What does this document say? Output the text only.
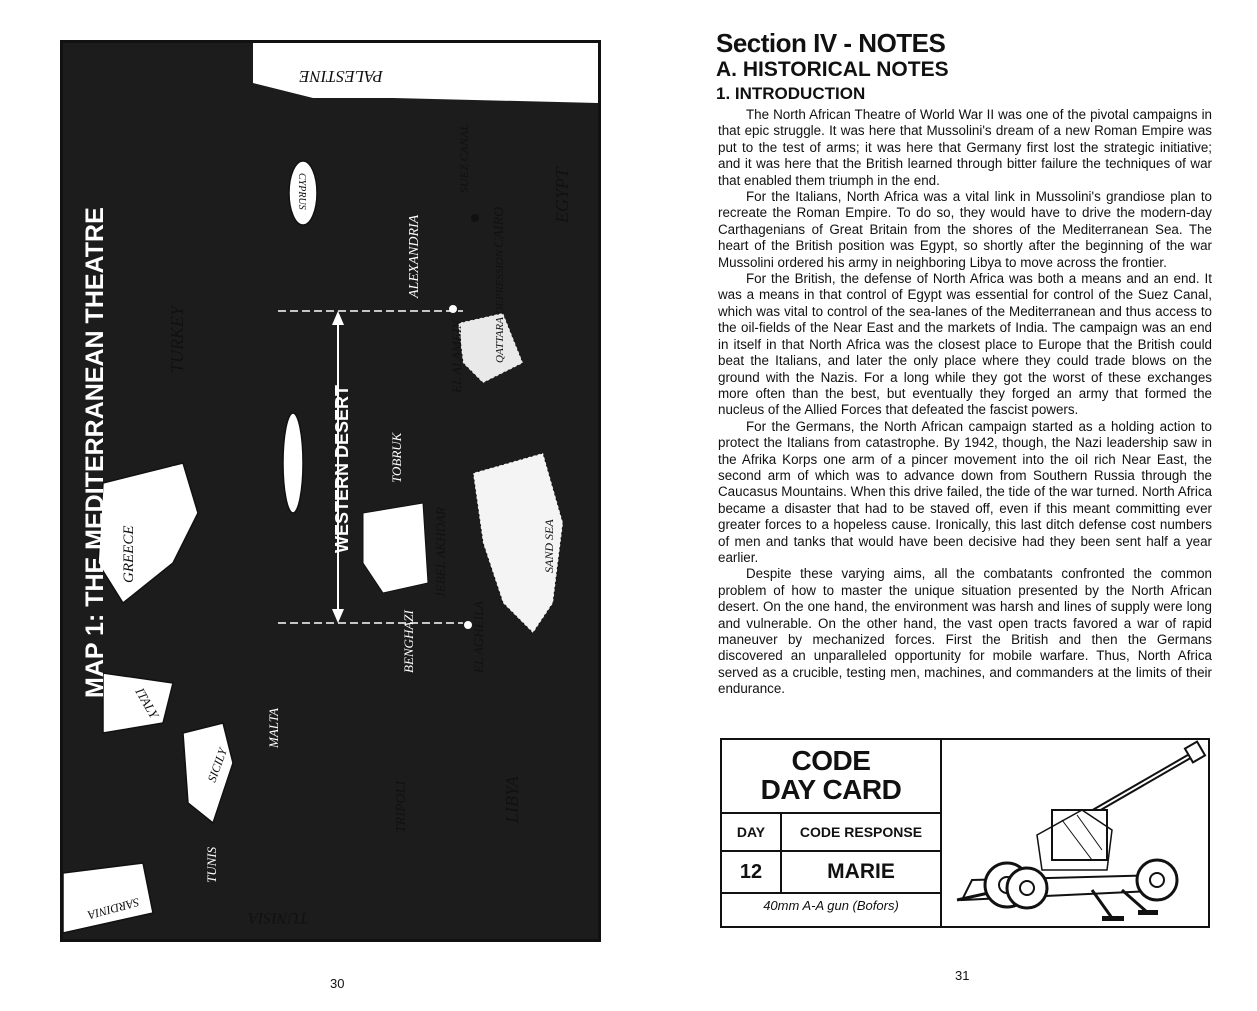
MAP 1: THE MEDITERRANEAN THEATRE	WESTERN DESERT
PALESTINE
SUEZ CANAL
EGYPT
CAIRO
CYPRUS
ALEXANDRIA	QATTARA DEPRESSION
EL ALAMEIN
TURKEY
ATHENS	CRETE	TOBRUK
JEBEL AKHDAR	SAND SEA
GREECE
BENGHAZI	EL AGHEILA
ITALY
MALTA
SICILY
TRIPOLI	LIBYA
TUNIS
SARDINIA	TUNISIA
30
Section IV - NOTES
A. HISTORICAL NOTES
1. INTRODUCTION

The North African Theatre of World War II was one of the pivotal campaigns in that epic struggle. It was here that Mussolini's dream of a new Roman Empire was put to the test of arms; it was here that Germany first lost the strategic initiative; and it was here that the British learned through bitter failure the techniques of war that enabled them triumph in the end.

For the Italians, North Africa was a vital link in Mussolini's grandiose plan to recreate the Roman Empire. To do so, they would have to drive the modern-day Carthagenians of Great Britain from the shores of the Mediterranean Sea. The heart of the British position was Egypt, so shortly after the beginning of the war Mussolini ordered his army in neighboring Libya to move across the frontier.

For the British, the defense of North Africa was both a means and an end. It was a means in that control of Egypt was essential for control of the Suez Canal, which was vital to control of the sea-lanes of the Mediterranean and thus access to the oil-fields of the Near East and the markets of India. The campaign was an end in itself in that North Africa was the closest place to Europe that the British could beat the Italians, and later the only place where they could trade blows on the ground with the Nazis. For a long while they got the worst of these exchanges more often than the best, but eventually they forged an army that formed the nucleus of the Allied Forces that defeated the fascist powers.

For the Germans, the North African campaign started as a holding action to protect the Italians from catastrophe. By 1942, though, the Nazi leadership saw in the Afrika Korps one arm of a pincer movement into the oil rich Near East, the second arm of which was to advance down from Southern Russia through the Caucasus Mountains. When this drive failed, the tide of the war turned. North Africa became a disaster that had to be staved off, even if this meant committing ever greater forces to a hopeless cause. Ironically, this last ditch defense cost numbers of men and tanks that would have been decisive had they been sent half a year earlier.

Despite these varying aims, all the combatants confronted the common problem of how to master the unique situation presented by the North African desert. On the one hand, the environment was harsh and lines of supply were long and vulnerable. On the other hand, the vast open tracts favored a war of rapid maneuver by mechanized forces. First the British and then the Germans discovered an unparalleled opportunity for mobile warfare. Thus, North Africa served as a crucible, testing men, machines, and commanders at the limits of their endurance.

CODE
DAY CARD
DAY	CODE RESPONSE
12	MARIE
40mm A-A gun (Bofors)
31
